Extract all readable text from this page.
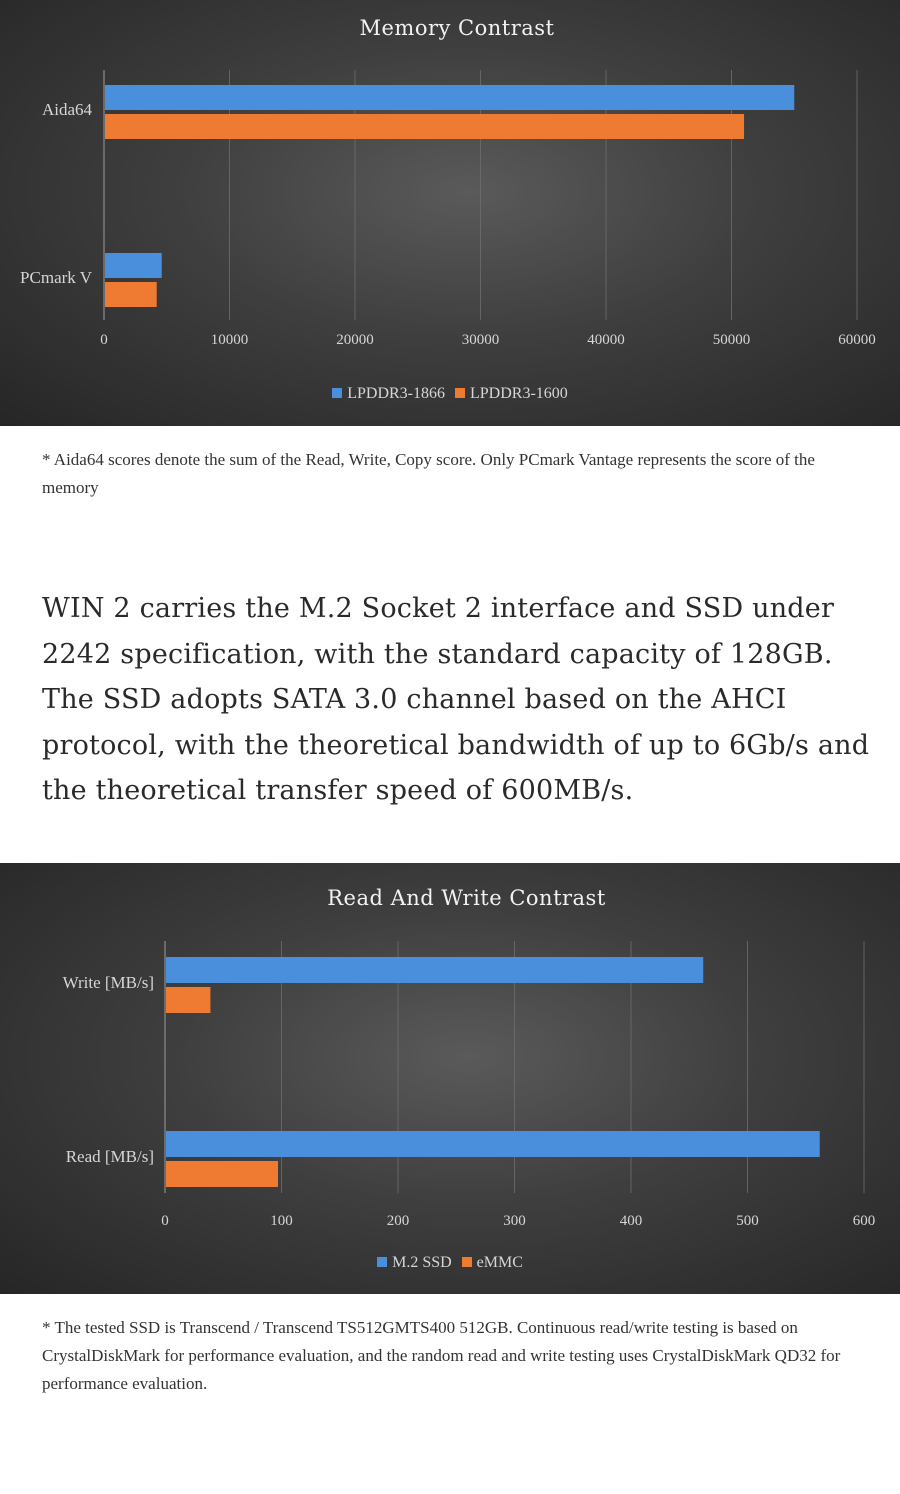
Memory Contrast
0	10000	20000	30000	40000	50000	60000
Aida64
PCmark V
LPDDR3-1866 LPDDR3-1600
* Aida64 scores denote the sum of the Read, Write, Copy score. Only PCmark Vantage represents the score of the memory
WIN 2 carries the M.2 Socket 2 interface and SSD under 2242 specification, with the standard capacity of 128GB. The SSD adopts SATA 3.0 channel based on the AHCI protocol, with the theoretical bandwidth of up to 6Gb/s and the theoretical transfer speed of 600MB/s.
Read And Write Contrast
0	100	200	300	400	500	600
Write [MB/s]
Read [MB/s]
M.2 SSD eMMC
* The tested SSD is Transcend / Transcend TS512GMTS400 512GB. Continuous read/write testing is based on CrystalDiskMark for performance evaluation, and the random read and write testing uses CrystalDiskMark QD32 for performance evaluation.
